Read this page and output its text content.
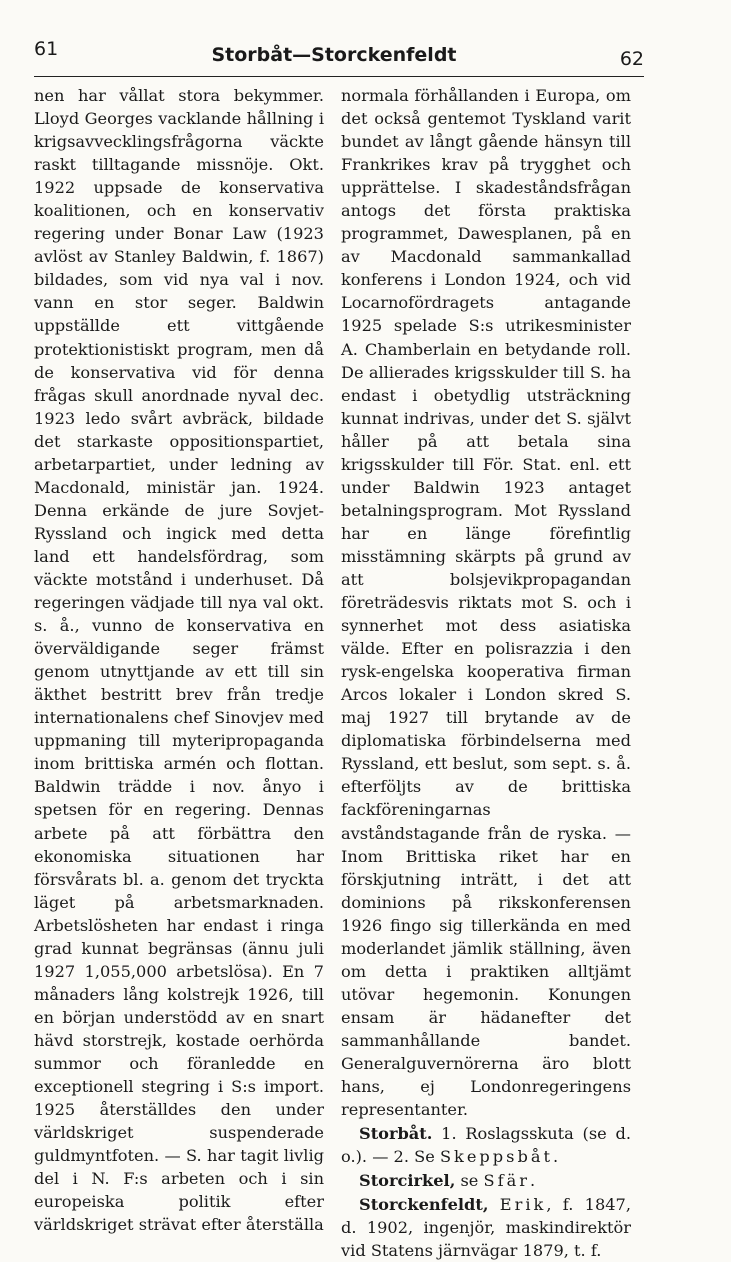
61	Storbåt—Storckenfeldt	62

nen har vållat stora bekymmer. Lloyd Georges vacklande hållning i krigsavvecklingsfrågorna väckte raskt tilltagande missnöje. Okt. 1922 uppsade de konservativa koalitionen, och en konservativ regering under Bonar Law (1923 avlöst av Stanley Baldwin, f. 1867) bildades, som vid nya val i nov. vann en stor seger. Baldwin uppställde ett vittgående protektionistiskt program, men då de konservativa vid för denna frågas skull anordnade nyval dec. 1923 ledo svårt avbräck, bildade det starkaste oppositionspartiet, arbetarpartiet, under ledning av Macdonald, ministär jan. 1924. Denna erkände de jure Sovjet-Ryssland och ingick med detta land ett handelsfördrag, som väckte motstånd i underhuset. Då regeringen vädjade till nya val okt. s. å., vunno de konservativa en överväldigande seger främst genom utnyttjande av ett till sin äkthet bestritt brev från tredje internationalens chef Sinovjev med uppmaning till myteripropaganda inom brittiska armén och flottan. Baldwin trädde i nov. ånyo i spetsen för en regering. Dennas arbete på att förbättra den ekonomiska situationen har försvårats bl. a. genom det tryckta läget på arbetsmarknaden. Arbetslösheten har endast i ringa grad kunnat begränsas (ännu juli 1927 1,055,000 arbetslösa). En 7 månaders lång kolstrejk 1926, till en början understödd av en snart hävd storstrejk, kostade oerhörda summor och föranledde en exceptionell stegring i S:s import. 1925 återställdes den under världskriget suspenderade guldmyntfoten. — S. har tagit livlig del i N. F:s arbeten och i sin europeiska politik efter världskriget strävat efter återställa

normala förhållanden i Europa, om det också gentemot Tyskland varit bundet av långt gående hänsyn till Frankrikes krav på trygghet och upprättelse. I skadeståndsfrågan antogs det första praktiska programmet, Dawesplanen, på en av Macdonald sammankallad konferens i London 1924, och vid Locarnofördragets antagande 1925 spelade S:s utrikesminister A. Chamberlain en betydande roll. De allierades krigsskulder till S. ha endast i obetydlig utsträckning kunnat indrivas, under det S. självt håller på att betala sina krigsskulder till För. Stat. enl. ett under Baldwin 1923 antaget betalningsprogram. Mot Ryssland har en länge förefintlig misstämning skärpts på grund av att bolsjevikpropagandan företrädesvis riktats mot S. och i synnerhet mot dess asiatiska välde. Efter en polisrazzia i den rysk-engelska kooperativa firman Arcos lokaler i London skred S. maj 1927 till brytande av de diplomatiska förbindelserna med Ryssland, ett beslut, som sept. s. å. efterföljts av de brittiska fackföreningarnas avståndstagande från de ryska. — Inom Brittiska riket har en förskjutning inträtt, i det att dominions på rikskonferensen 1926 fingo sig tillerkända en med moderlandet jämlik ställning, även om detta i praktiken alltjämt utövar hegemonin. Konungen ensam är hädanefter det sammanhållande bandet. Generalguvernörerna äro blott hans, ej Londonregeringens representanter.

Storbåt. 1. Roslagsskuta (se d. o.). — 2. Se Skeppsbåt.

Storcirkel, se Sfär.

Storckenfeldt, Erik, f. 1847, d. 1902, ingenjör, maskindirektör vid Statens järnvägar 1879, t. f.
